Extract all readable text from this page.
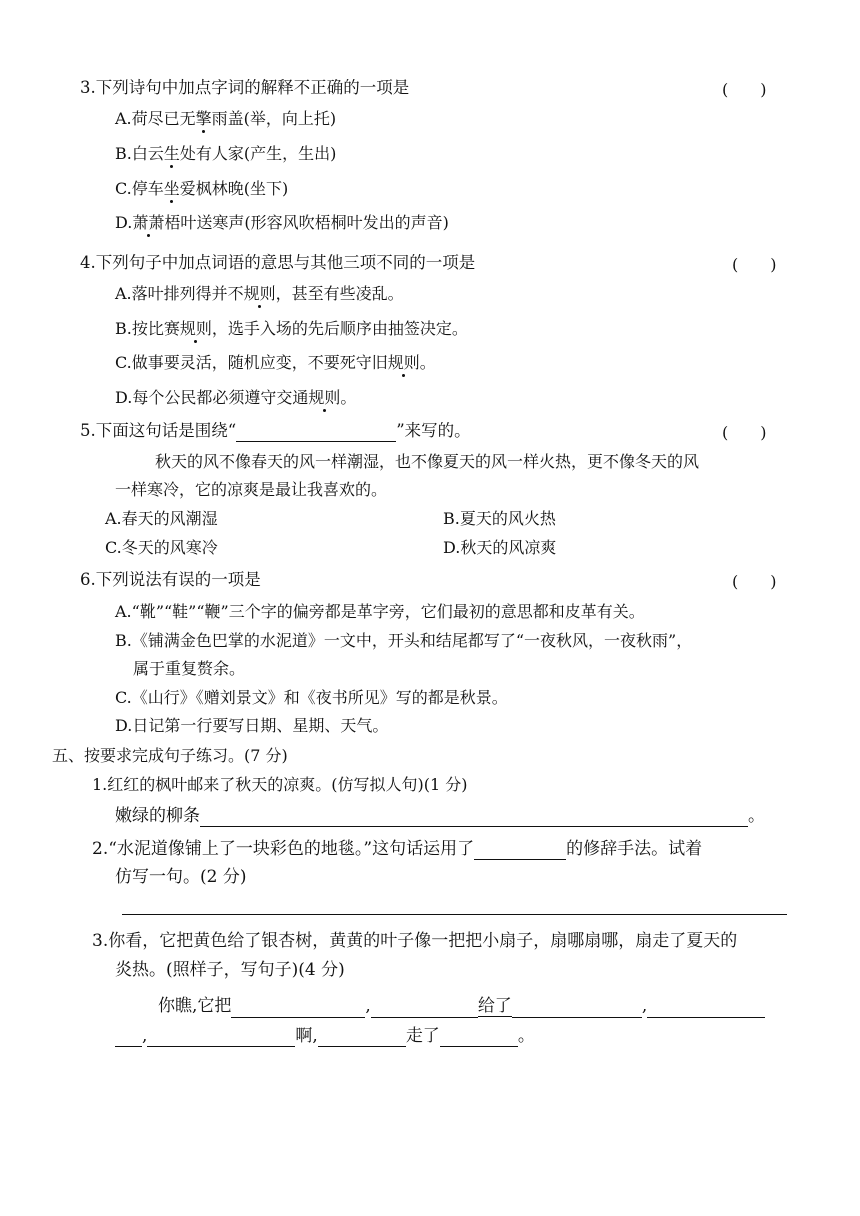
3.下列诗句中加点字词的解释不正确的一项是	(　　)
A.荷尽已无擎雨盖(举，向上托)
B.白云生处有人家(产生，生出)
C.停车坐爱枫林晚(坐下)
D.萧萧梧叶送寒声(形容风吹梧桐叶发出的声音)
4.下列句子中加点词语的意思与其他三项不同的一项是	(　　)
A.落叶排列得并不规则，甚至有些凌乱。
B.按比赛规则，选手入场的先后顺序由抽签决定。
C.做事要灵活，随机应变，不要死守旧规则。
D.每个公民都必须遵守交通规则。
5.下面这句话是围绕“	”来写的。	(　　)
秋天的风不像春天的风一样潮湿，也不像夏天的风一样火热，更不像冬天的风
一样寒冷，它的凉爽是最让我喜欢的。
A.春天的风潮湿	B.夏天的风火热
C.冬天的风寒冷	D.秋天的风凉爽
6.下列说法有误的一项是	(　　)
A.“靴”“鞋”“鞭”三个字的偏旁都是革字旁，它们最初的意思都和皮革有关。
B.《铺满金色巴掌的水泥道》一文中，开头和结尾都写了“一夜秋风，一夜秋雨”，
属于重复赘余。
C.《山行》《赠刘景文》和《夜书所见》写的都是秋景。
D.日记第一行要写日期、星期、天气。
五、按要求完成句子练习。(7 分)
1.红红的枫叶邮来了秋天的凉爽。(仿写拟人句)(1 分)
嫩绿的柳条	。
2.“水泥道像铺上了一块彩色的地毯。”这句话运用了	的修辞手法。试着
仿写一句。(2 分)
3.你看，它把黄色给了银杏树，黄黄的叶子像一把把小扇子，扇哪扇哪，扇走了夏天的
炎热。(照样子，写句子)(4 分)
你瞧,它把	,	给了	,
,	啊,	走了	。
